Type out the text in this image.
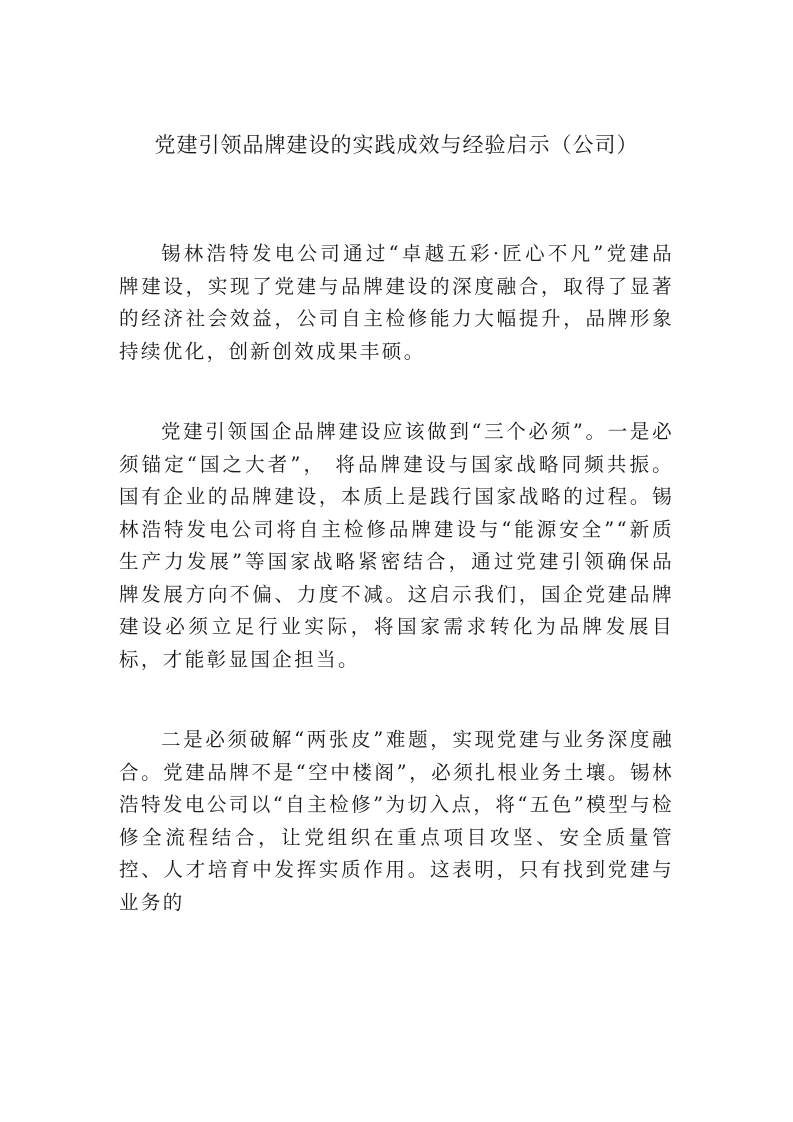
党建引领品牌建设的实践成效与经验启示（公司）

锡林浩特发电公司通过“卓越五彩·匠心不凡”党建品牌建设，实现了党建与品牌建设的深度融合，取得了显著的经济社会效益，公司自主检修能力大幅提升，品牌形象持续优化，创新创效成果丰硕。

党建引领国企品牌建设应该做到“三个必须”。一是必须锚定“国之大者”， 将品牌建设与国家战略同频共振。国有企业的品牌建设，本质上是践行国家战略的过程。锡林浩特发电公司将自主检修品牌建设与“能源安全”“新质生产力发展”等国家战略紧密结合，通过党建引领确保品牌发展方向不偏、力度不减。这启示我们，国企党建品牌建设必须立足行业实际，将国家需求转化为品牌发展目标，才能彰显国企担当。

二是必须破解“两张皮”难题，实现党建与业务深度融合。党建品牌不是“空中楼阁”，必须扎根业务土壤。锡林浩特发电公司以“自主检修”为切入点，将“五色”模型与检修全流程结合，让党组织在重点项目攻坚、安全质量管控、人才培育中发挥实质作用。这表明，只有找到党建与业务的
